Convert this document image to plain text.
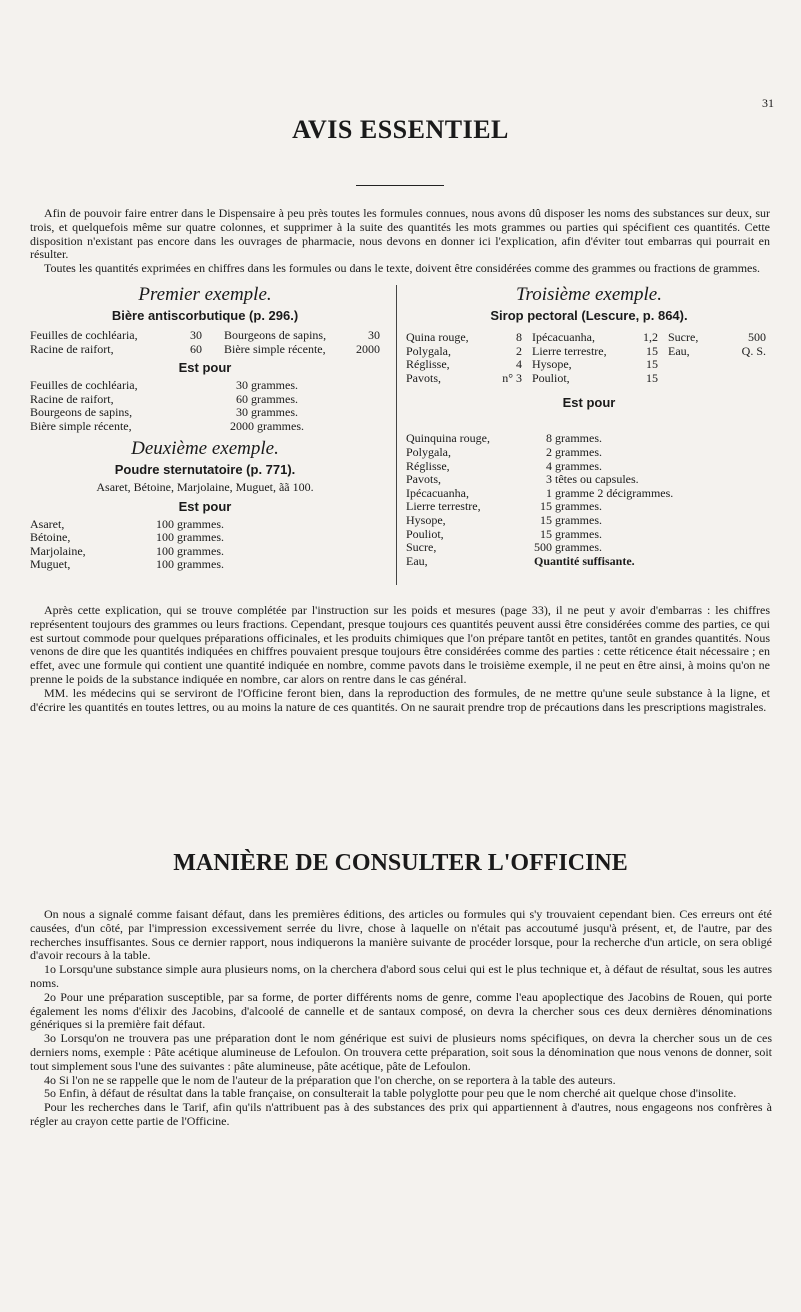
31
AVIS ESSENTIEL

Afin de pouvoir faire entrer dans le Dispensaire à peu près toutes les formules connues, nous avons dû disposer les noms des substances sur deux, sur trois, et quelquefois même sur quatre colonnes, et supprimer à la suite des quantités les mots grammes ou parties qui spécifient ces quantités. Cette disposition n'existant pas encore dans les ouvrages de pharmacie, nous devons en donner ici l'explication, afin d'éviter tout embarras qui pourrait en résulter.

Toutes les quantités exprimées en chiffres dans les formules ou dans le texte, doivent être considérées comme des grammes ou fractions de grammes.

Premier exemple.
Bière antiscorbutique (p. 296.)
Feuilles de cochléaria,	30 Bourgeons de sapins,	30
Racine de raifort,	60 Bière simple récente,	2000
Est pour
Feuilles de cochléaria,	30 grammes.
Racine de raifort,	60 grammes.
Bourgeons de sapins,	30 grammes.
Bière simple récente,	2000 grammes.
Deuxième exemple.
Poudre sternutatoire (p. 771).
Asaret, Bétoine, Marjolaine, Muguet, ãã 100.
Est pour
Asaret,	100 grammes.
Bétoine,	100 grammes.
Marjolaine,	100 grammes.
Muguet,	100 grammes.
Troisième exemple.
Sirop pectoral (Lescure, p. 864).
Quina rouge,	8 Ipécacuanha,	1,2 Sucre,	500
Polygala,	2 Lierre terrestre,	15 Eau,	Q. S.
Réglisse,	4 Hysope,	15
Pavots,	n° 3 Pouliot,	15
Est pour
Quinquina rouge,	8 grammes.
Polygala,	2 grammes.
Réglisse,	4 grammes.
Pavots,	3 têtes ou capsules.
Ipécacuanha,	1 gramme 2 décigrammes.
Lierre terrestre,	15 grammes.
Hysope,	15 grammes.
Pouliot,	15 grammes.
Sucre,	500 grammes.
Eau,	Quantité suffisante.

Après cette explication, qui se trouve complétée par l'instruction sur les poids et mesures (page 33), il ne peut y avoir d'embarras : les chiffres représentent toujours des grammes ou leurs fractions. Cependant, presque toujours ces quantités peuvent aussi être considérées comme des parties, ce qui est surtout commode pour quelques préparations officinales, et les produits chimiques que l'on prépare tantôt en petites, tantôt en grandes quantités. Nous venons de dire que les quantités indiquées en chiffres pouvaient presque toujours être considérées comme des parties : cette réticence était nécessaire ; en effet, avec une formule qui contient une quantité indiquée en nombre, comme pavots dans le troisième exemple, il ne peut en être ainsi, à moins qu'on ne prenne le poids de la substance indiquée en nombre, car alors on rentre dans le cas général.

MM. les médecins qui se serviront de l'Officine feront bien, dans la reproduction des formules, de ne mettre qu'une seule substance à la ligne, et d'écrire les quantités en toutes lettres, ou au moins la nature de ces quantités. On ne saurait prendre trop de précautions dans les prescriptions magistrales.

MANIÈRE DE CONSULTER L'OFFICINE

On nous a signalé comme faisant défaut, dans les premières éditions, des articles ou formules qui s'y trouvaient cependant bien. Ces erreurs ont été causées, d'un côté, par l'impression excessivement serrée du livre, chose à laquelle on n'était pas accoutumé jusqu'à présent, et, de l'autre, par des recherches insuffisantes. Sous ce dernier rapport, nous indiquerons la manière suivante de procéder lorsque, pour la recherche d'un article, on sera obligé d'avoir recours à la table.

1o Lorsqu'une substance simple aura plusieurs noms, on la cherchera d'abord sous celui qui est le plus technique et, à défaut de résultat, sous les autres noms.

2o Pour une préparation susceptible, par sa forme, de porter différents noms de genre, comme l'eau apoplectique des Jacobins de Rouen, qui porte également les noms d'élixir des Jacobins, d'alcoolé de cannelle et de santaux composé, on devra la chercher sous ces deux dernières dénominations génériques si la première fait défaut.

3o Lorsqu'on ne trouvera pas une préparation dont le nom générique est suivi de plusieurs noms spécifiques, on devra la chercher sous un de ces derniers noms, exemple : Pâte acétique alumineuse de Lefoulon. On trouvera cette préparation, soit sous la dénomination que nous venons de donner, soit tout simplement sous l'une des suivantes : pâte alumineuse, pâte acétique, pâte de Lefoulon.

4o Si l'on ne se rappelle que le nom de l'auteur de la préparation que l'on cherche, on se reportera à la table des auteurs.

5o Enfin, à défaut de résultat dans la table française, on consulterait la table polyglotte pour peu que le nom cherché ait quelque chose d'insolite.

Pour les recherches dans le Tarif, afin qu'ils n'attribuent pas à des substances des prix qui appartiennent à d'autres, nous engageons nos confrères à régler au crayon cette partie de l'Officine.
